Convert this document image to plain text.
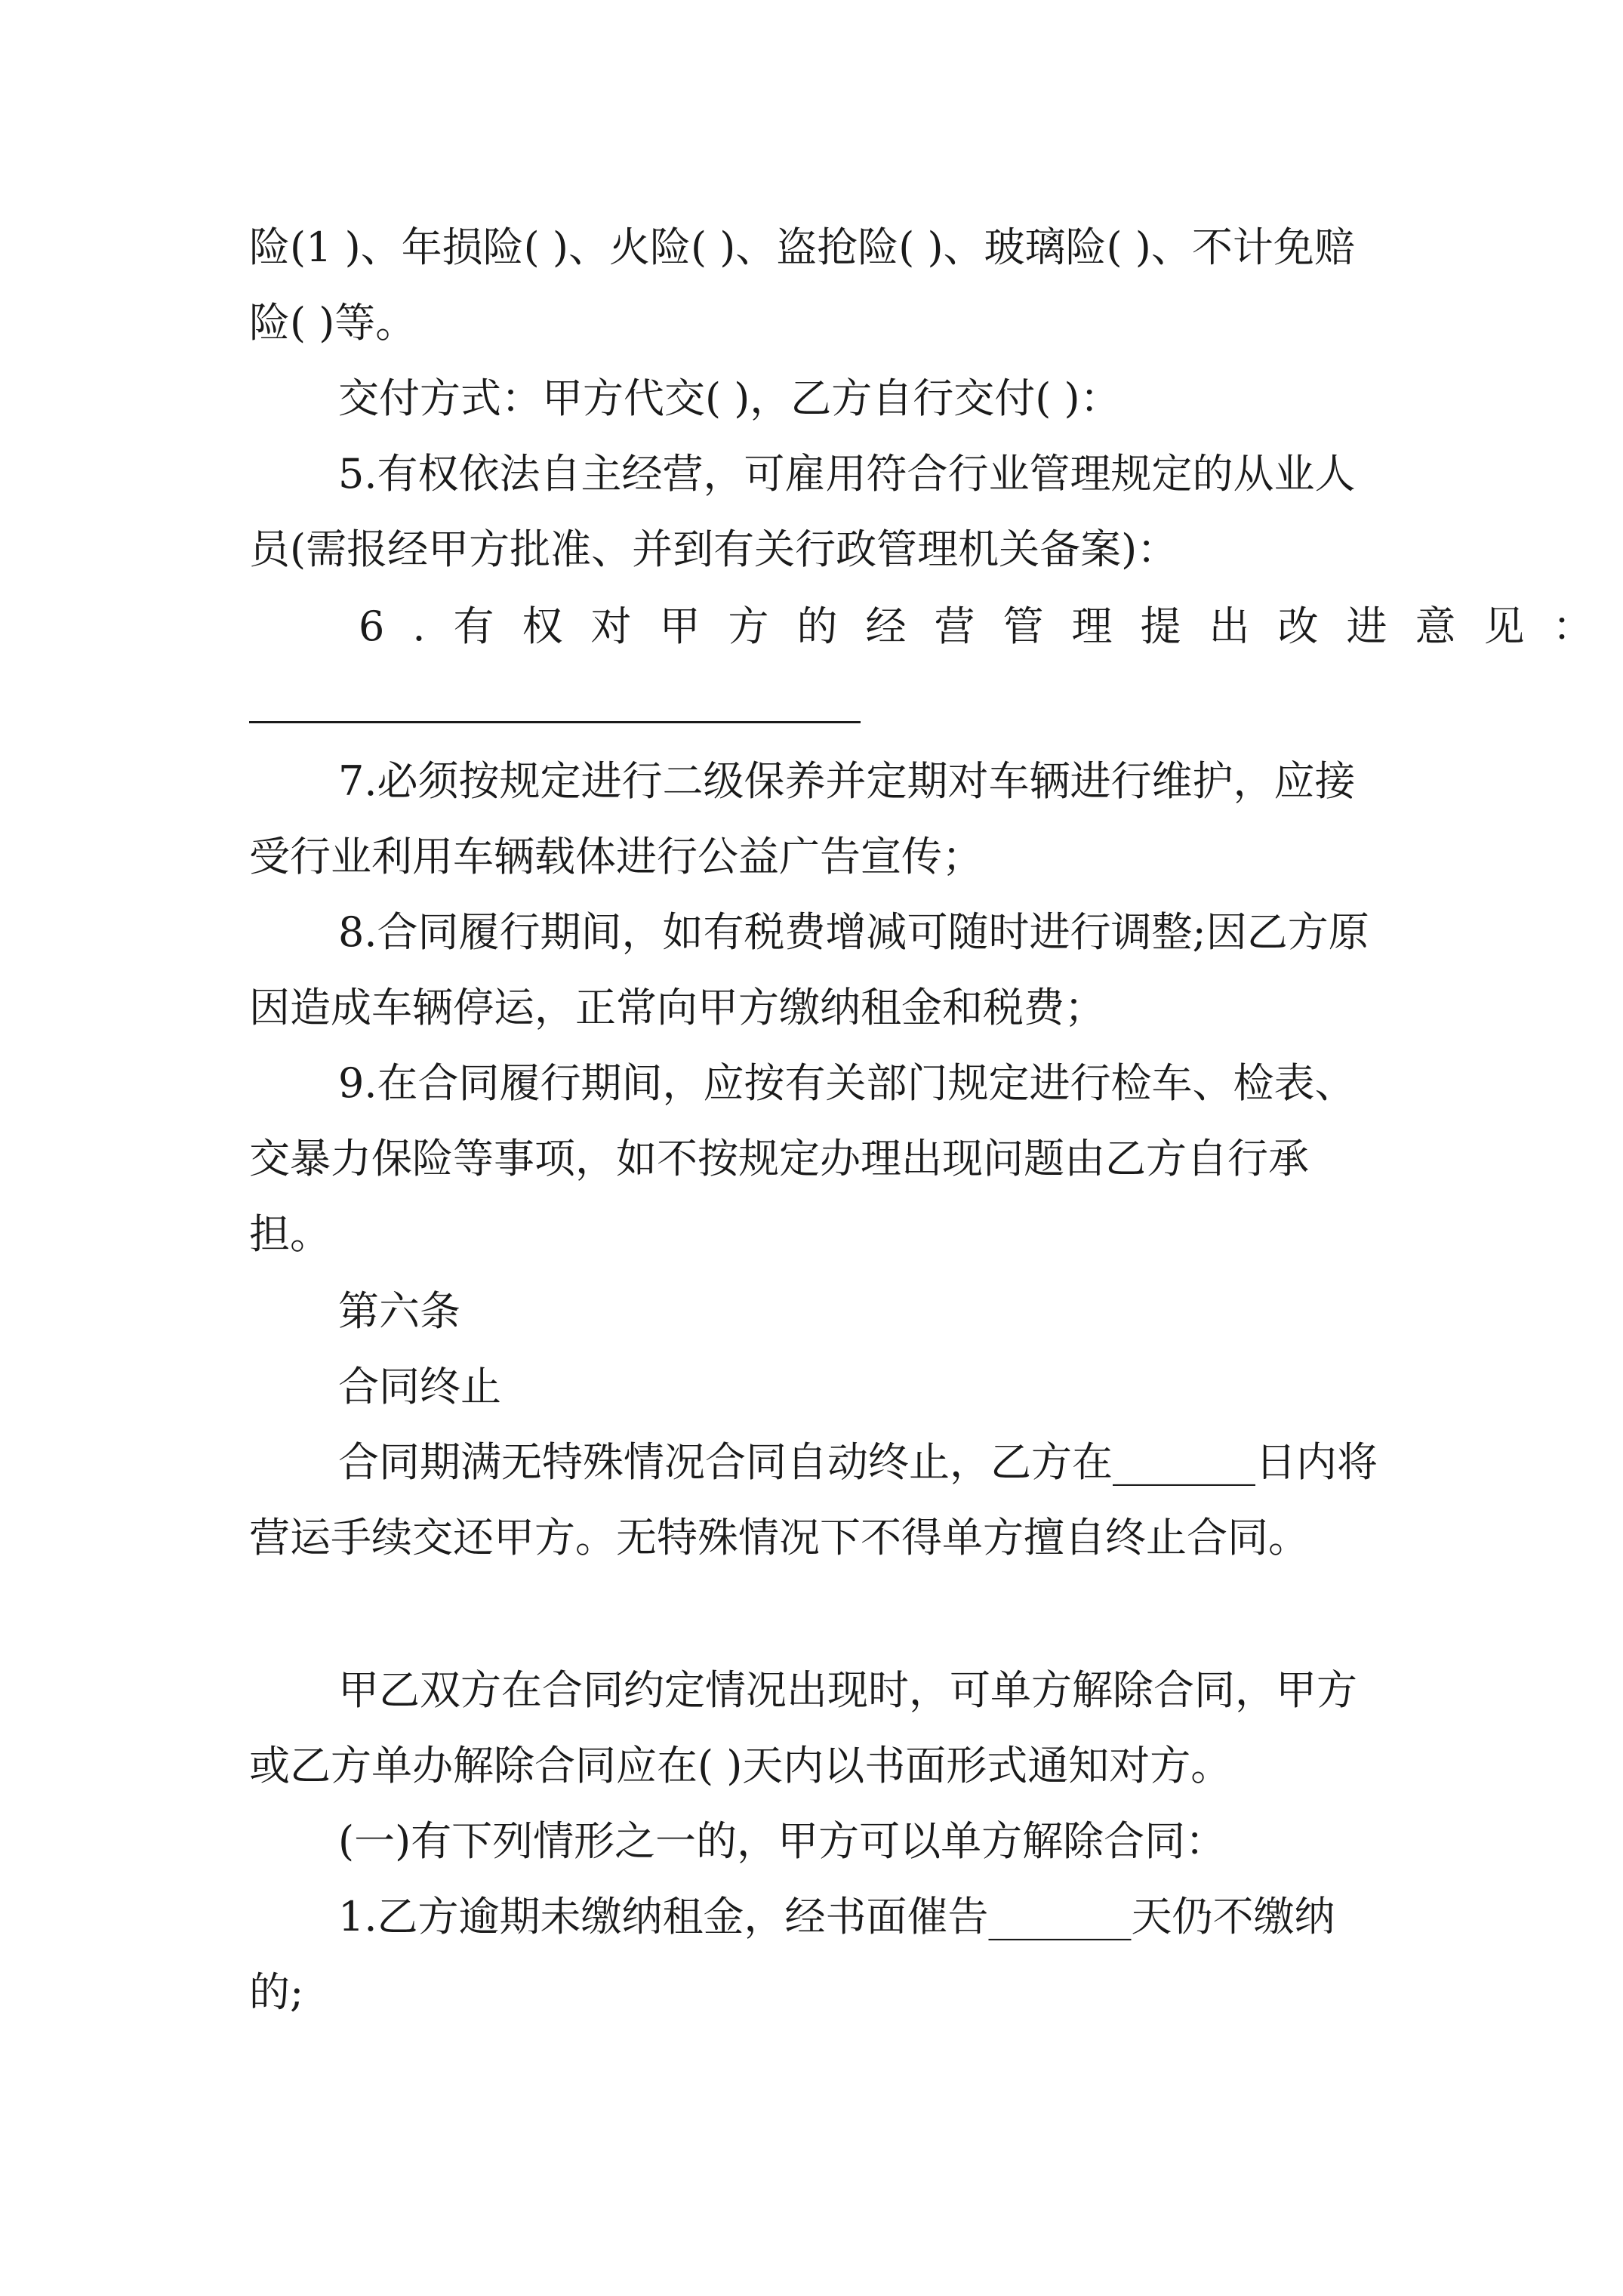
险(1 )、年损险( )、火险( )、盗抢险( )、玻璃险( )、不计免赔险( )等。

交付方式：甲方代交( )，乙方自行交付( )：

5.有权依法自主经营，可雇用符合行业管理规定的从业人员(需报经甲方批准、并到有关行政管理机关备案)：

6.有权对甲方的经营管理提出改进意见：

7.必须按规定进行二级保养并定期对车辆进行维护，应接受行业利用车辆载体进行公益广告宣传；

8.合同履行期间，如有税费增减可随时进行调整;因乙方原因造成车辆停运，正常向甲方缴纳租金和税费；

9.在合同履行期间，应按有关部门规定进行检车、检表、交暴力保险等事项，如不按规定办理出现问题由乙方自行承担。

第六条

合同终止

合同期满无特殊情况合同自动终止，乙方在_______日内将营运手续交还甲方。无特殊情况下不得单方擅自终止合同。

甲乙双方在合同约定情况出现时，可单方解除合同，甲方或乙方单办解除合同应在( )天内以书面形式通知对方。

(一)有下列情形之一的，甲方可以单方解除合同：

1.乙方逾期未缴纳租金，经书面催告_______天仍不缴纳的;
